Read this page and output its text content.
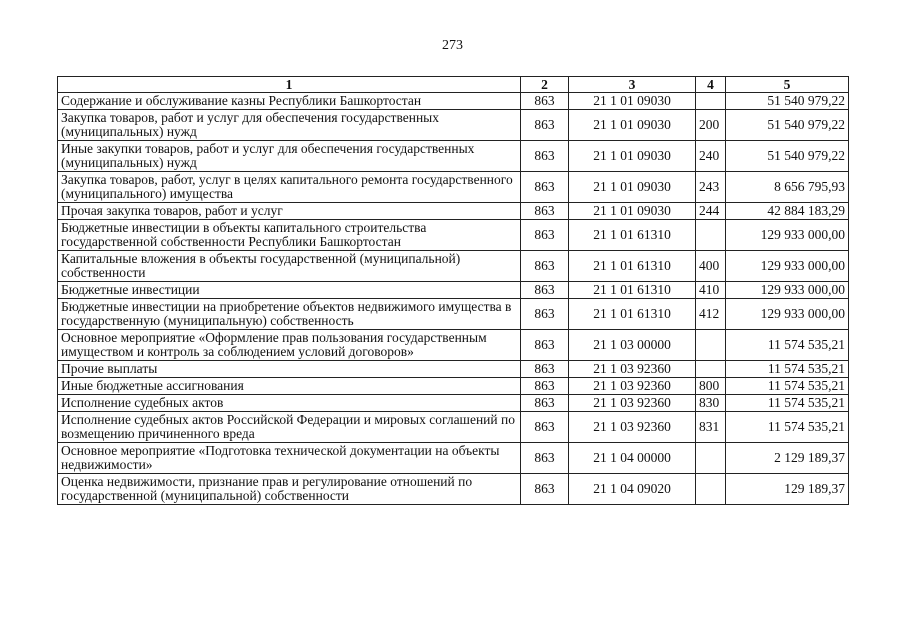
273
1	2	3	4	5
Содержание и обслуживание казны Республики Башкортостан	863	21 1 01 09030		51 540 979,22
Закупка товаров, работ и услуг для обеспечения государственных (муниципальных) нужд	863	21 1 01 09030	200	51 540 979,22
Иные закупки товаров, работ и услуг для обеспечения государственных (муниципальных) нужд	863	21 1 01 09030	240	51 540 979,22
Закупка товаров, работ, услуг в целях капитального ремонта государственного (муниципального) имущества	863	21 1 01 09030	243	8 656 795,93
Прочая закупка товаров, работ и услуг	863	21 1 01 09030	244	42 884 183,29
Бюджетные инвестиции в объекты капитального строительства государственной собственности Республики Башкортостан	863	21 1 01 61310		129 933 000,00
Капитальные вложения в объекты государственной (муниципальной) собственности	863	21 1 01 61310	400	129 933 000,00
Бюджетные инвестиции	863	21 1 01 61310	410	129 933 000,00
Бюджетные инвестиции на приобретение объектов недвижимого имущества в государственную (муниципальную) собственность	863	21 1 01 61310	412	129 933 000,00
Основное мероприятие «Оформление прав пользования государственным имуществом и контроль за соблюдением условий договоров»	863	21 1 03 00000		11 574 535,21
Прочие выплаты	863	21 1 03 92360		11 574 535,21
Иные бюджетные ассигнования	863	21 1 03 92360	800	11 574 535,21
Исполнение судебных актов	863	21 1 03 92360	830	11 574 535,21
Исполнение судебных актов Российской Федерации и мировых соглашений по возмещению причиненного вреда	863	21 1 03 92360	831	11 574 535,21
Основное мероприятие «Подготовка технической документации на объекты недвижимости»	863	21 1 04 00000		2 129 189,37
Оценка недвижимости, признание прав и регулирование отношений по государственной (муниципальной) собственности	863	21 1 04 09020		129 189,37
